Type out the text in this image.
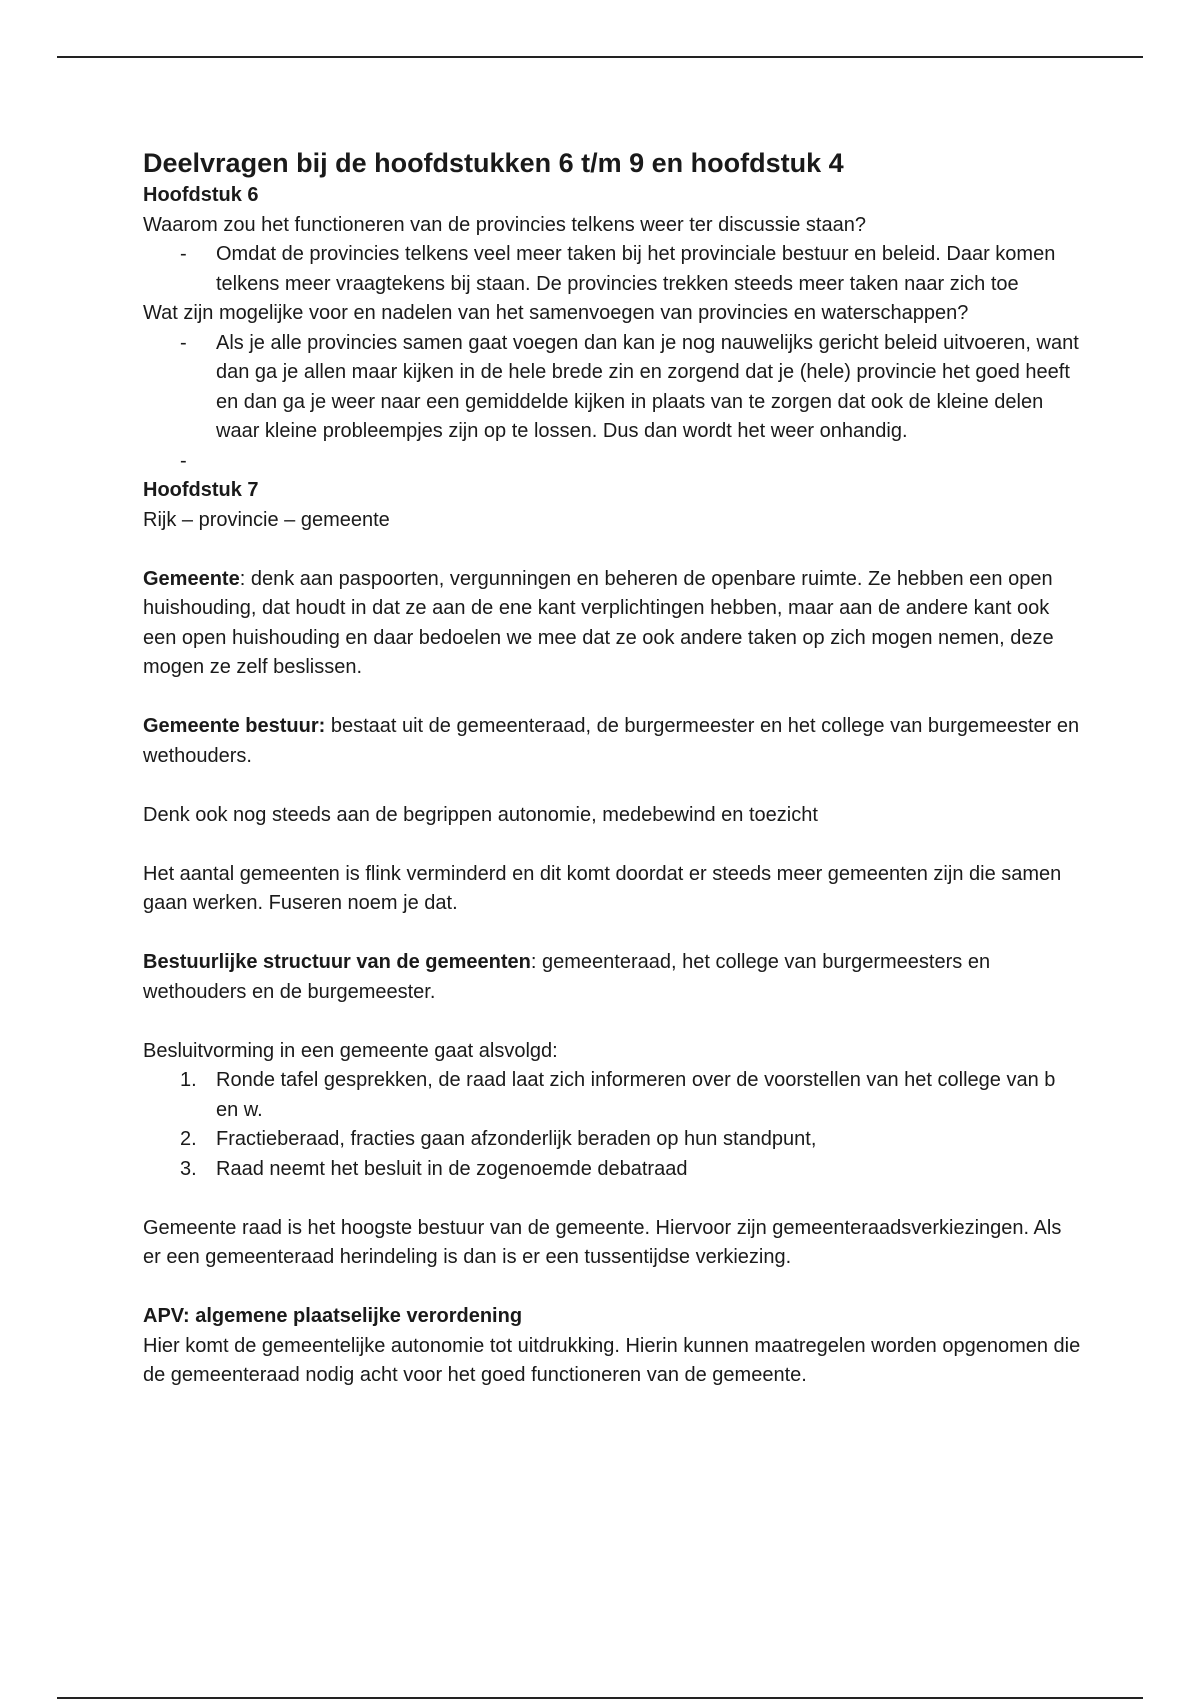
Deelvragen bij de hoofdstukken 6 t/m 9 en hoofdstuk 4

Hoofdstuk 6

Waarom zou het functioneren van de provincies telkens weer ter discussie staan?

- Omdat de provincies telkens veel meer taken bij het provinciale bestuur en beleid. Daar komen telkens meer vraagtekens bij staan. De provincies trekken steeds meer taken naar zich toe

Wat zijn mogelijke voor en nadelen van het samenvoegen van provincies en waterschappen?

- Als je alle provincies samen gaat voegen dan kan je nog nauwelijks gericht beleid uitvoeren, want dan ga je allen maar kijken in de hele brede zin en zorgend dat je (hele) provincie het goed heeft en dan ga je weer naar een gemiddelde kijken in plaats van te zorgen dat ook de kleine delen waar kleine probleempjes zijn op te lossen. Dus dan wordt het weer onhandig.
-

Hoofdstuk 7

Rijk – provincie – gemeente

Gemeente: denk aan paspoorten, vergunningen en beheren de openbare ruimte. Ze hebben een open huishouding, dat houdt in dat ze aan de ene kant verplichtingen hebben, maar aan de andere kant ook een open huishouding en daar bedoelen we mee dat ze ook andere taken op zich mogen nemen, deze mogen ze zelf beslissen.

Gemeente bestuur: bestaat uit de gemeenteraad, de burgermeester en het college van burgemeester en wethouders.

Denk ook nog steeds aan de begrippen autonomie, medebewind en toezicht

Het aantal gemeenten is flink verminderd en dit komt doordat er steeds meer gemeenten zijn die samen gaan werken. Fuseren noem je dat.

Bestuurlijke structuur van de gemeenten: gemeenteraad, het college van burgermeesters en wethouders en de burgemeester.

Besluitvorming in een gemeente gaat alsvolgd:

1. Ronde tafel gesprekken, de raad laat zich informeren over de voorstellen van het college van b en w.
2. Fractieberaad, fracties gaan afzonderlijk beraden op hun standpunt,
3. Raad neemt het besluit in de zogenoemde debatraad

Gemeente raad is het hoogste bestuur van de gemeente. Hiervoor zijn gemeenteraadsverkiezingen. Als er een gemeenteraad herindeling is dan is er een tussentijdse verkiezing.

APV: algemene plaatselijke verordening

Hier komt de gemeentelijke autonomie tot uitdrukking. Hierin kunnen maatregelen worden opgenomen die de gemeenteraad nodig acht voor het goed functioneren van de gemeente.
